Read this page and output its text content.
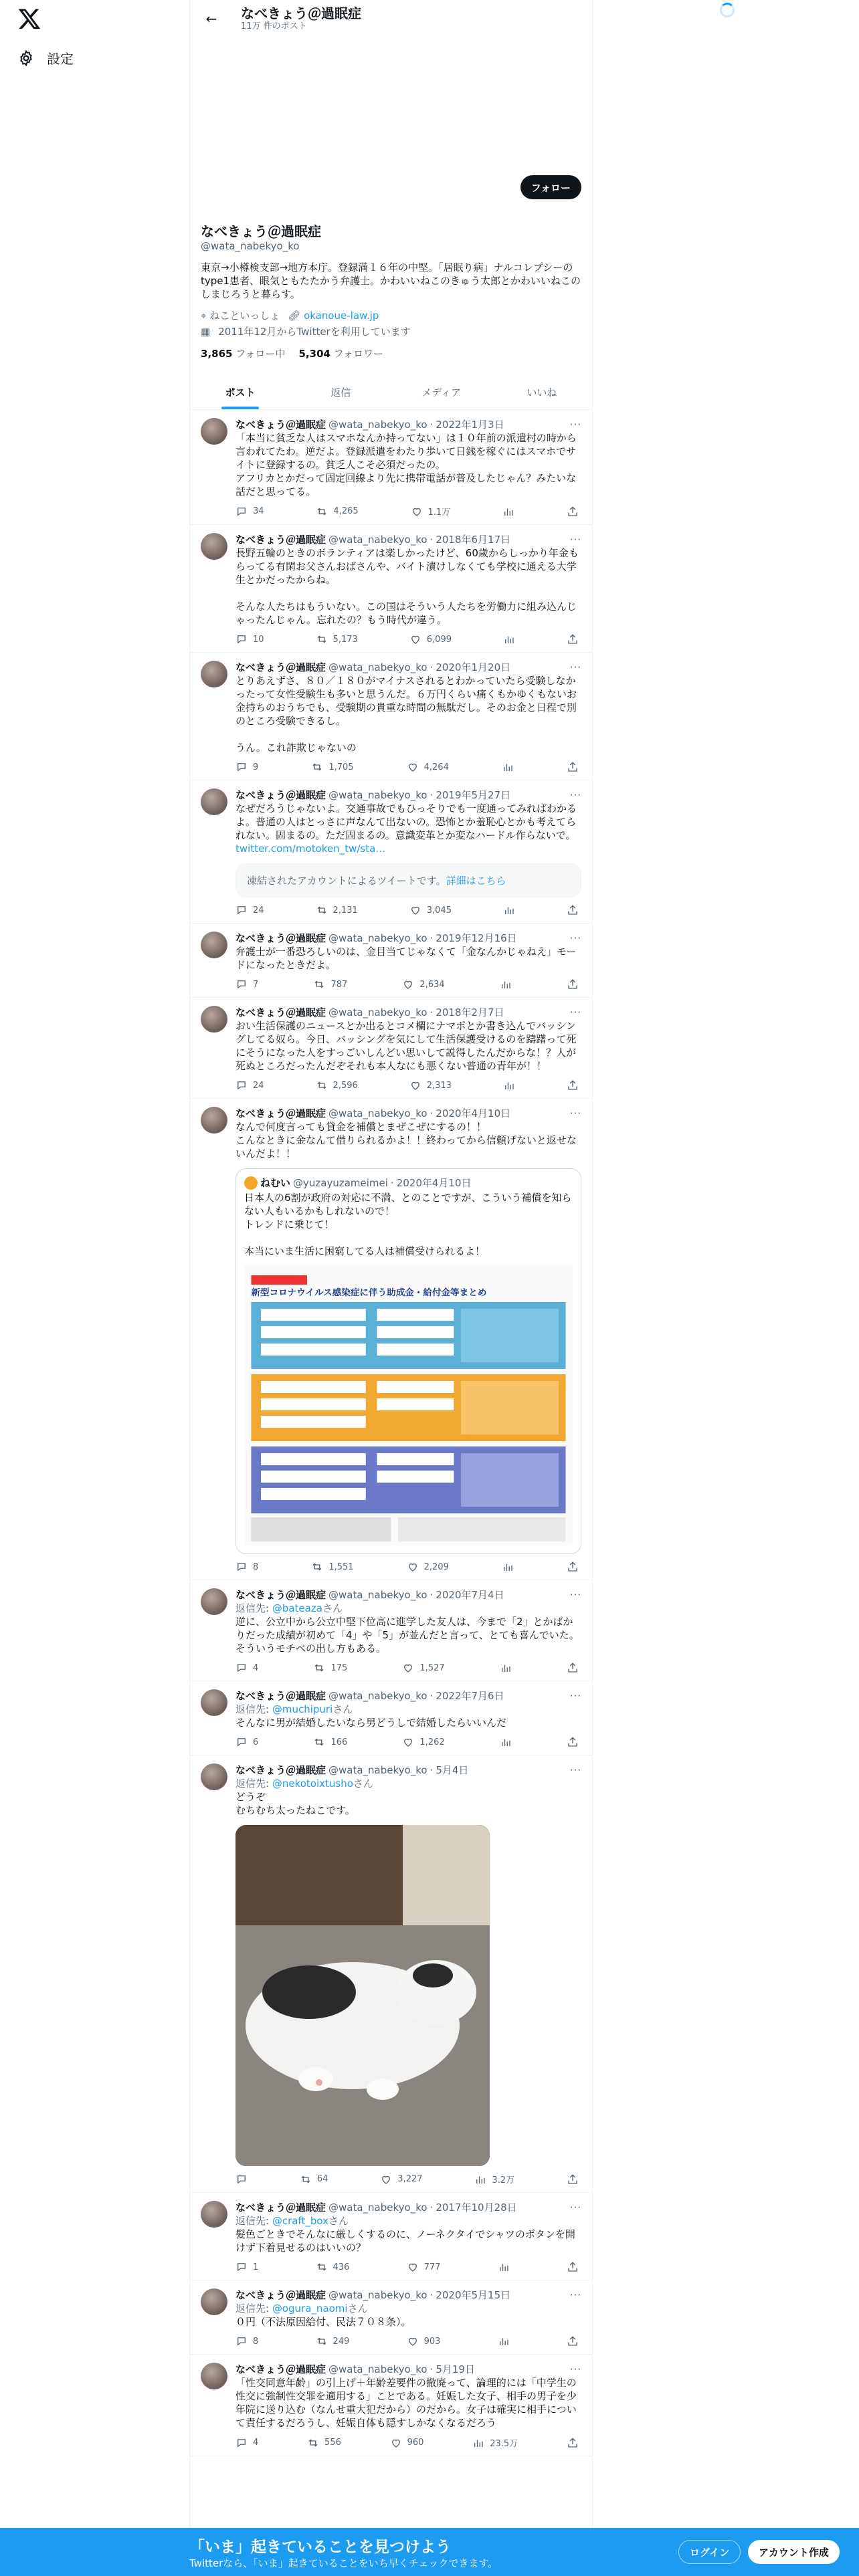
設定
←	なべきょう＠過眠症
11万 件のポスト
フォロー
なべきょう＠過眠症
@wata_nabekyo_ko
東京→小樽検支部→地方本庁。登録満１６年の中堅。「居眠り病」ナルコレプシーのtype1患者、眼気ともたたかう弁護士。かわいいねこのきゅう太郎とかわいいねこのしまじろうと暮らす。
⌖ ねこといっしょ 🔗︎ okanoue-law.jp
▦ 2011年12月からTwitterを利用しています
3,865 フォロー中 5,304 フォロワー
ポスト	返信	メディア	いいね
なべきょう＠過眠症 @wata_nabekyo_ko · 2022年1月3日	···
「本当に貧乏な人はスマホなんか持ってない」は１０年前の派遣村の時から言われてたわ。逆だよ。登録派遣をわたり歩いて日銭を稼ぐにはスマホでサイトに登録するの。貧乏人こそ必須だったの。
アフリカとかだって固定回線より先に携帯電話が普及したじゃん？みたいな話だと思ってる。
34	4,265	1.1万
なべきょう＠過眠症 @wata_nabekyo_ko · 2018年6月17日	···
長野五輪のときのボランティアは楽しかったけど、60歳からしっかり年金もらってる有閑お父さんおばさんや、バイト漬けしなくても学校に通える大学生とかだったからね。

そんな人たちはもういない。この国はそういう人たちを労働力に組み込んじゃったんじゃん。忘れたの？もう時代が違う。
10	5,173	6,099
なべきょう＠過眠症 @wata_nabekyo_ko · 2020年1月20日	···
とりあえずさ、８０／１８０がマイナスされるとわかっていたら受験しなかったって女性受験生も多いと思うんだ。６万円くらい痛くもかゆくもないお金持ちのおうちでも、受験期の貴重な時間の無駄だし。そのお金と日程で別のところ受験できるし。

うん。これ詐欺じゃないの
9	1,705	4,264
なべきょう＠過眠症 @wata_nabekyo_ko · 2019年5月27日	···
なぜだろうじゃないよ。交通事故でもひっそりでも一度通ってみればわかるよ。普通の人はとっさに声なんて出ないの。恐怖とか羞恥心とかも考えてられない。固まるの。ただ固まるの。意識変革とか変なハードル作らないで。 twitter.com/motoken_tw/sta…
凍結されたアカウントによるツイートです。詳細はこちら
24	2,131	3,045
なべきょう＠過眠症 @wata_nabekyo_ko · 2019年12月16日	···
弁護士が一番恐ろしいのは、金目当てじゃなくて「金なんかじゃねえ」モードになったときだよ。
7	787	2,634
なべきょう＠過眠症 @wata_nabekyo_ko · 2018年2月7日	···
おい生活保護のニュースとか出るとコメ欄にナマポとか書き込んでバッシングしてる奴ら。今日、バッシングを気にして生活保護受けるのを躊躇って死にそうになった人をすっごいしんどい思いして説得したんだからな！？人が死ぬところだったんだぞそれも本人なにも悪くない普通の青年が！！
24	2,596	2,313
なべきょう＠過眠症 @wata_nabekyo_ko · 2020年4月10日	···
なんで何度言っても貸金を補償とまぜこぜにするの！！
こんなときに金なんて借りられるかよ！！終わってから信頼げないと返せないんだよ！！
ねむい @yuzayuzameimei · 2020年4月10日
日本人の6割が政府の対応に不満、とのことですが、こういう補償を知らない人もいるかもしれないので！
トレンドに乗じて！

本当にいま生活に困窮してる人は補償受けられるよ！
新型コロナウイルス感染症に伴う助成金・給付金等まとめ
8	1,551	2,209
なべきょう＠過眠症 @wata_nabekyo_ko · 2020年7月4日	···
返信先: @bateazaさん
逆に、公立中から公立中堅下位高に進学した友人は、今まで「2」とかばかりだった成績が初めて「4」や「5」が並んだと言って、とても喜んでいた。そういうモチベの出し方もある。
4	175	1,527
なべきょう＠過眠症 @wata_nabekyo_ko · 2022年7月6日	···
返信先: @muchipuriさん
そんなに男が結婚したいなら男どうしで結婚したらいいんだ
6	166	1,262
なべきょう＠過眠症 @wata_nabekyo_ko · 5月4日	···
返信先: @nekotoixtushoさん
どうぞ
むちむち太ったねこです。
64	3,227	3.2万
なべきょう＠過眠症 @wata_nabekyo_ko · 2017年10月28日	···
返信先: @craft_boxさん
髪色ごときでそんなに厳しくするのに、ノーネクタイでシャツのボタンを開けず下着見せるのはいいの？
1	436	777
なべきょう＠過眠症 @wata_nabekyo_ko · 2020年5月15日	···
返信先: @ogura_naomiさん
０円（不法原因給付、民法７０８条）。
8	249	903
なべきょう＠過眠症 @wata_nabekyo_ko · 5月19日	···
「性交同意年齢」の引上げ＋年齢差要件の撤廃って、論理的には「中学生の性交に強制性交罪を適用する」ことである。妊娠した女子、相手の男子を少年院に送り込む（なんせ重大犯だから）のだから。女子は確実に相手について責任するだろうし、妊娠自体も隠すしかなくなるだろう
4	556	960	23.5万
「いま」起きていることを見つけよう
Twitterなら、「いま」起きていることをいち早くチェックできます。
ログイン	アカウント作成
